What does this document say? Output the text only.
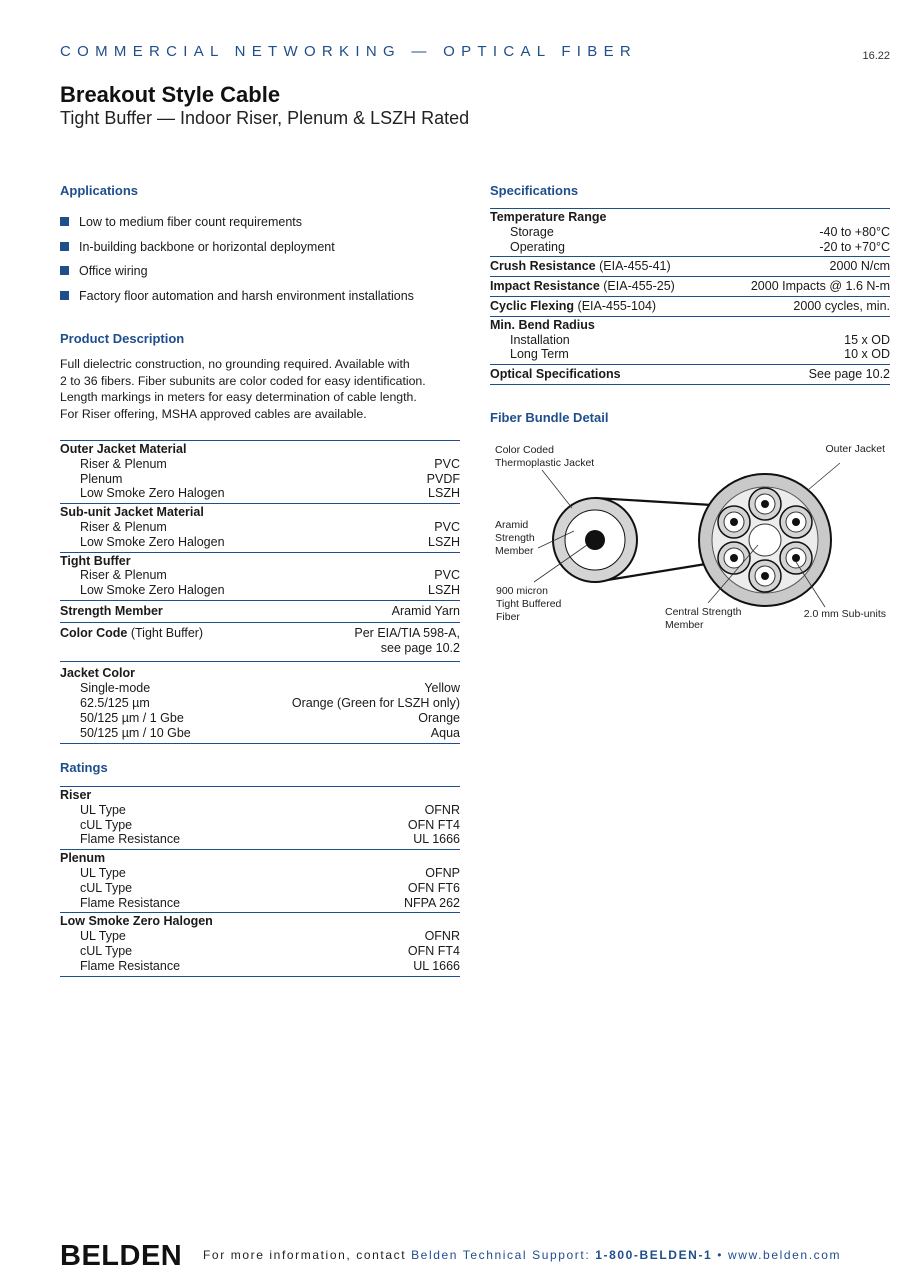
COMMERCIAL NETWORKING — OPTICAL FIBER	16.22
Breakout Style Cable
Tight Buffer — Indoor Riser, Plenum & LSZH Rated
Applications
Low to medium fiber count requirements
In-building backbone or horizontal deployment
Office wiring
Factory floor automation and harsh environment installations
Product Description

Full dielectric construction, no grounding required. Available with
2 to 36 fibers. Fiber subunits are color coded for easy identification.
Length markings in meters for easy determination of cable length.
For Riser offering, MSHA approved cables are available.

Outer Jacket Material
Riser & Plenum	PVC
Plenum	PVDF
Low Smoke Zero Halogen	LSZH
Sub-unit Jacket Material
Riser & Plenum	PVC
Low Smoke Zero Halogen	LSZH
Tight Buffer
Riser & Plenum	PVC
Low Smoke Zero Halogen	LSZH
Strength Member	Aramid Yarn
Color Code (Tight Buffer)	Per EIA/TIA 598-A,
see page 10.2
Jacket Color
Single-mode	Yellow
62.5/125 µm	Orange (Green for LSZH only)
50/125 µm / 1 Gbe	Orange
50/125 µm / 10 Gbe	Aqua
Ratings
Riser
UL Type	OFNR
cUL Type	OFN FT4
Flame Resistance	UL 1666
Plenum
UL Type	OFNP
cUL Type	OFN FT6
Flame Resistance	NFPA 262
Low Smoke Zero Halogen
UL Type	OFNR
cUL Type	OFN FT4
Flame Resistance	UL 1666
Specifications
Temperature Range
Storage	-40 to +80°C
Operating	-20 to +70°C
Crush Resistance (EIA-455-41)	2000 N/cm
Impact Resistance (EIA-455-25)	2000 Impacts @ 1.6 N-m
Cyclic Flexing (EIA-455-104)	2000 cycles, min.
Min. Bend Radius
Installation	15 x OD
Long Term	10 x OD
Optical Specifications	See page 10.2
Fiber Bundle Detail
Color Coded
Thermoplastic Jacket
Aramid
Strength
Member
900 micron
Tight Buffered
Fiber
Outer Jacket
Central Strength
Member
2.0 mm Sub-units
BELDEN For more information, contact Belden Technical Support: 1-800-BELDEN-1 • www.belden.com
